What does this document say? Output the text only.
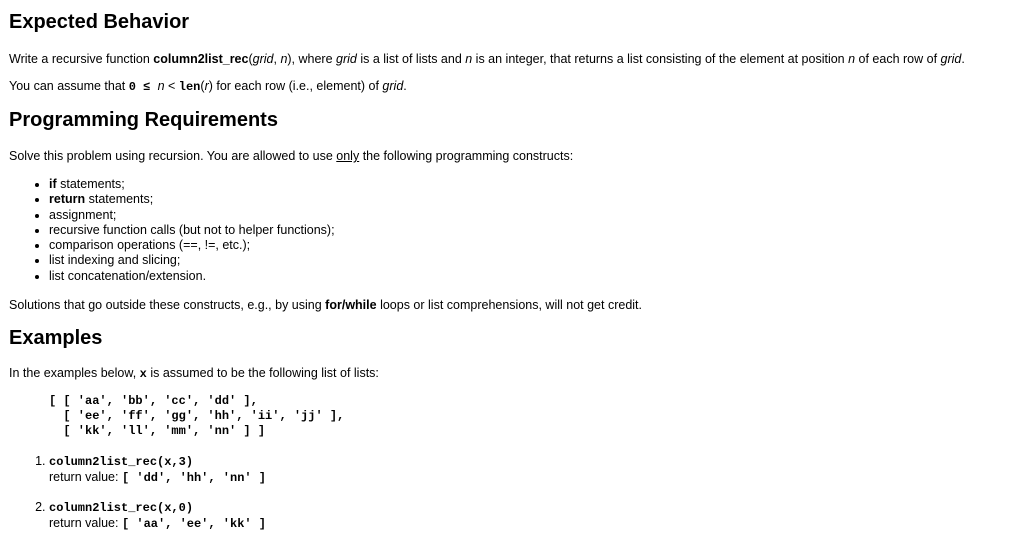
Expected Behavior

Write a recursive function column2list_rec(grid, n), where grid is a list of lists and n is an integer, that returns a list consisting of the element at position n of each row of grid.

You can assume that 0 ≤ n < len(r) for each row (i.e., element) of grid.

Programming Requirements

Solve this problem using recursion. You are allowed to use only the following programming constructs:

• if statements;
• return statements;
• assignment;
• recursive function calls (but not to helper functions);
• comparison operations (==, !=, etc.);
• list indexing and slicing;
• list concatenation/extension.

Solutions that go outside these constructs, e.g., by using for/while loops or list comprehensions, will not get credit.

Examples

In the examples below, x is assumed to be the following list of lists:

[ [ 'aa', 'bb', 'cc', 'dd' ],
[ 'ee', 'ff', 'gg', 'hh', 'ii', 'jj' ],
[ 'kk', 'll', 'mm', 'nn' ] ]
1. column2list_rec(x,3)
return value: [ 'dd', 'hh', 'nn' ]
2. column2list_rec(x,0)
return value: [ 'aa', 'ee', 'kk' ]
